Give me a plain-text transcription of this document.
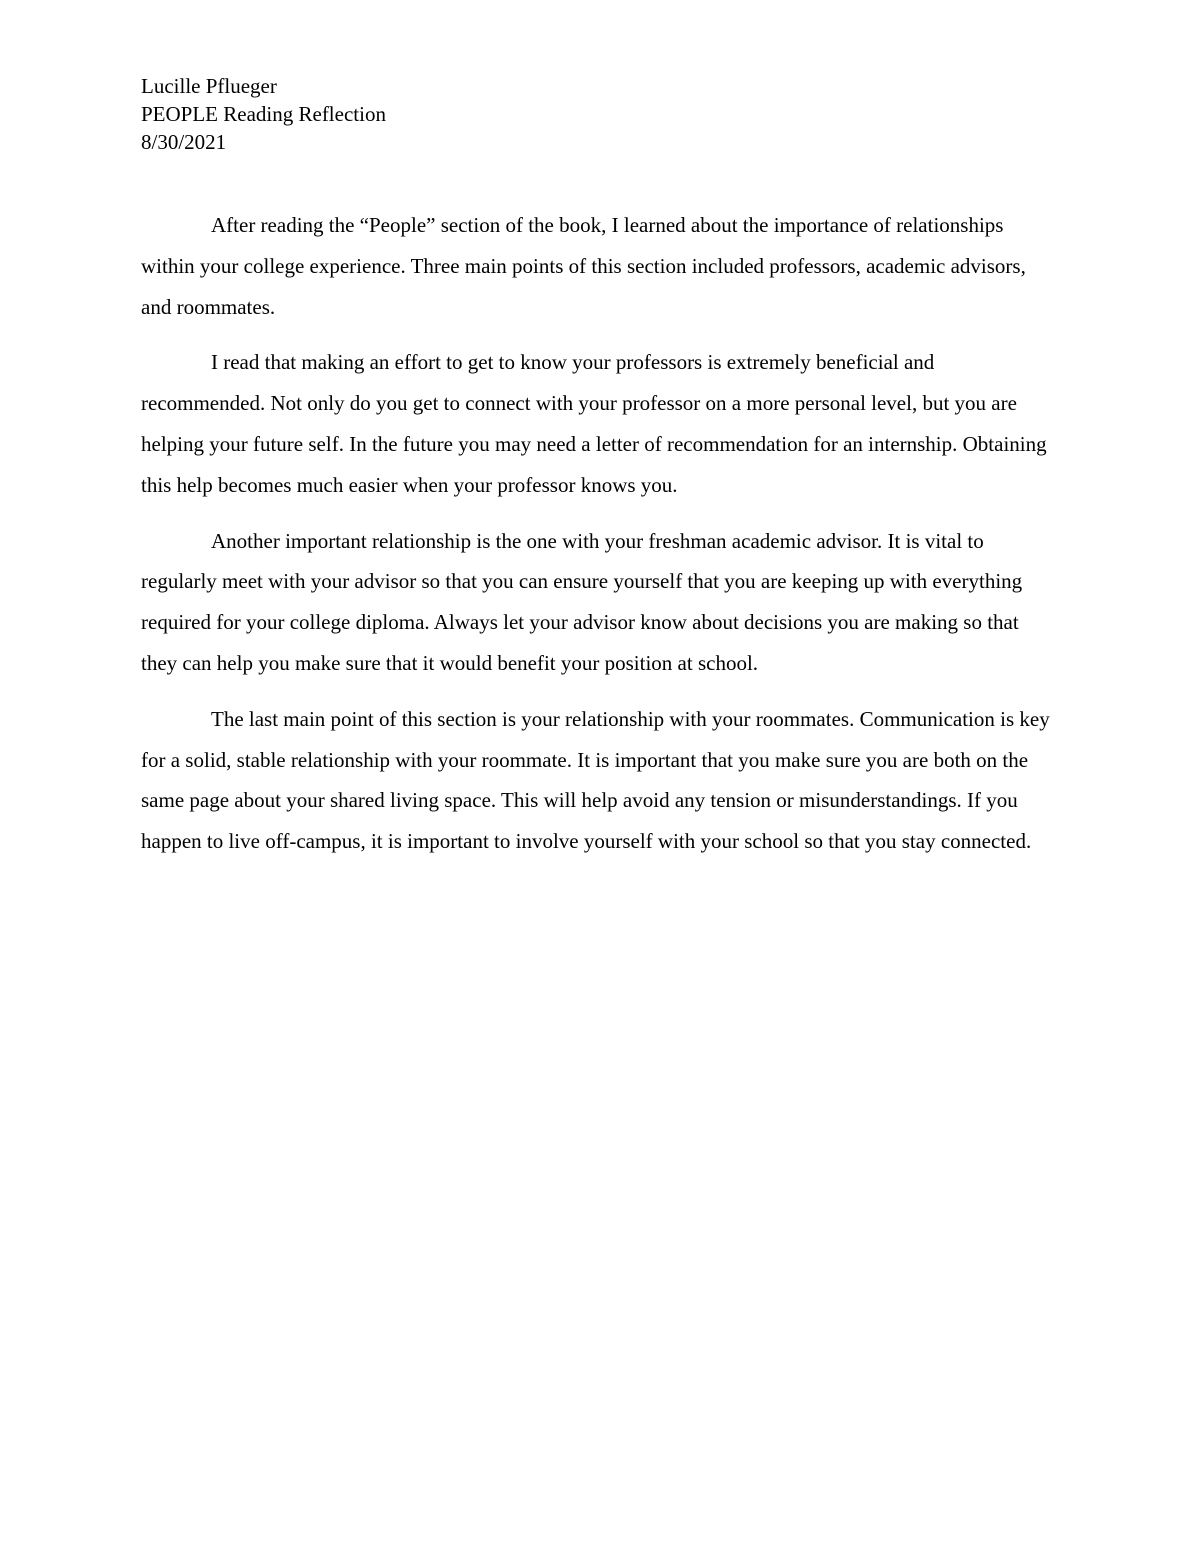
Lucille Pflueger
PEOPLE Reading Reflection
8/30/2021

After reading the “People” section of the book, I learned about the importance of relationships within your college experience. Three main points of this section included professors, academic advisors, and roommates.

I read that making an effort to get to know your professors is extremely beneficial and recommended. Not only do you get to connect with your professor on a more personal level, but you are helping your future self. In the future you may need a letter of recommendation for an internship. Obtaining this help becomes much easier when your professor knows you.

Another important relationship is the one with your freshman academic advisor. It is vital to regularly meet with your advisor so that you can ensure yourself that you are keeping up with everything required for your college diploma. Always let your advisor know about decisions you are making so that they can help you make sure that it would benefit your position at school.

The last main point of this section is your relationship with your roommates. Communication is key for a solid, stable relationship with your roommate. It is important that you make sure you are both on the same page about your shared living space. This will help avoid any tension or misunderstandings. If you happen to live off-campus, it is important to involve yourself with your school so that you stay connected.
